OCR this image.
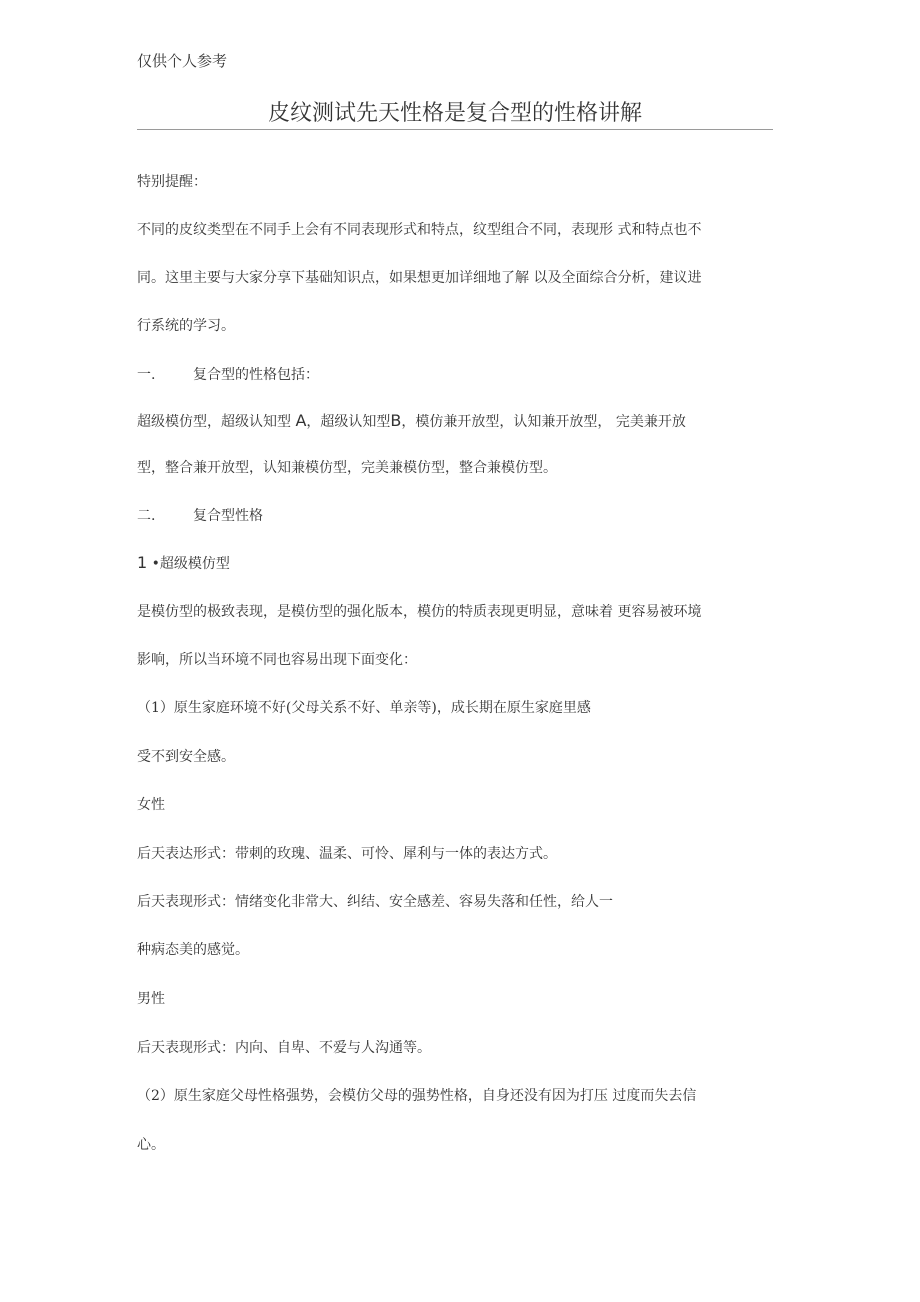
仅供个人参考
皮纹测试先天性格是复合型的性格讲解
特别提醒：
不同的皮纹类型在不同手上会有不同表现形式和特点，纹型组合不同，表现形 式和特点也不
同。这里主要与大家分享下基础知识点，如果想更加详细地了解 以及全面综合分析，建议进
行系统的学习。
一.	复合型的性格包括：
超级模仿型，超级认知型 A，超级认知型B，模仿兼开放型，认知兼开放型， 完美兼开放
型，整合兼开放型，认知兼模仿型，完美兼模仿型，整合兼模仿型。
二.	复合型性格
1 •超级模仿型
是模仿型的极致表现，是模仿型的强化版本，模仿的特质表现更明显，意味着 更容易被环境
影响，所以当环境不同也容易出现下面变化：
（1）原生家庭环境不好(父母关系不好、单亲等)，成长期在原生家庭里感
受不到安全感。
女性
后天表达形式：带刺的玫瑰、温柔、可怜、犀利与一体的表达方式。
后天表现形式：情绪变化非常大、纠结、安全感差、容易失落和任性，给人一
种病态美的感觉。
男性
后天表现形式：内向、自卑、不爱与人沟通等。
（2）原生家庭父母性格强势，会模仿父母的强势性格，自身还没有因为打压 过度而失去信
心。
